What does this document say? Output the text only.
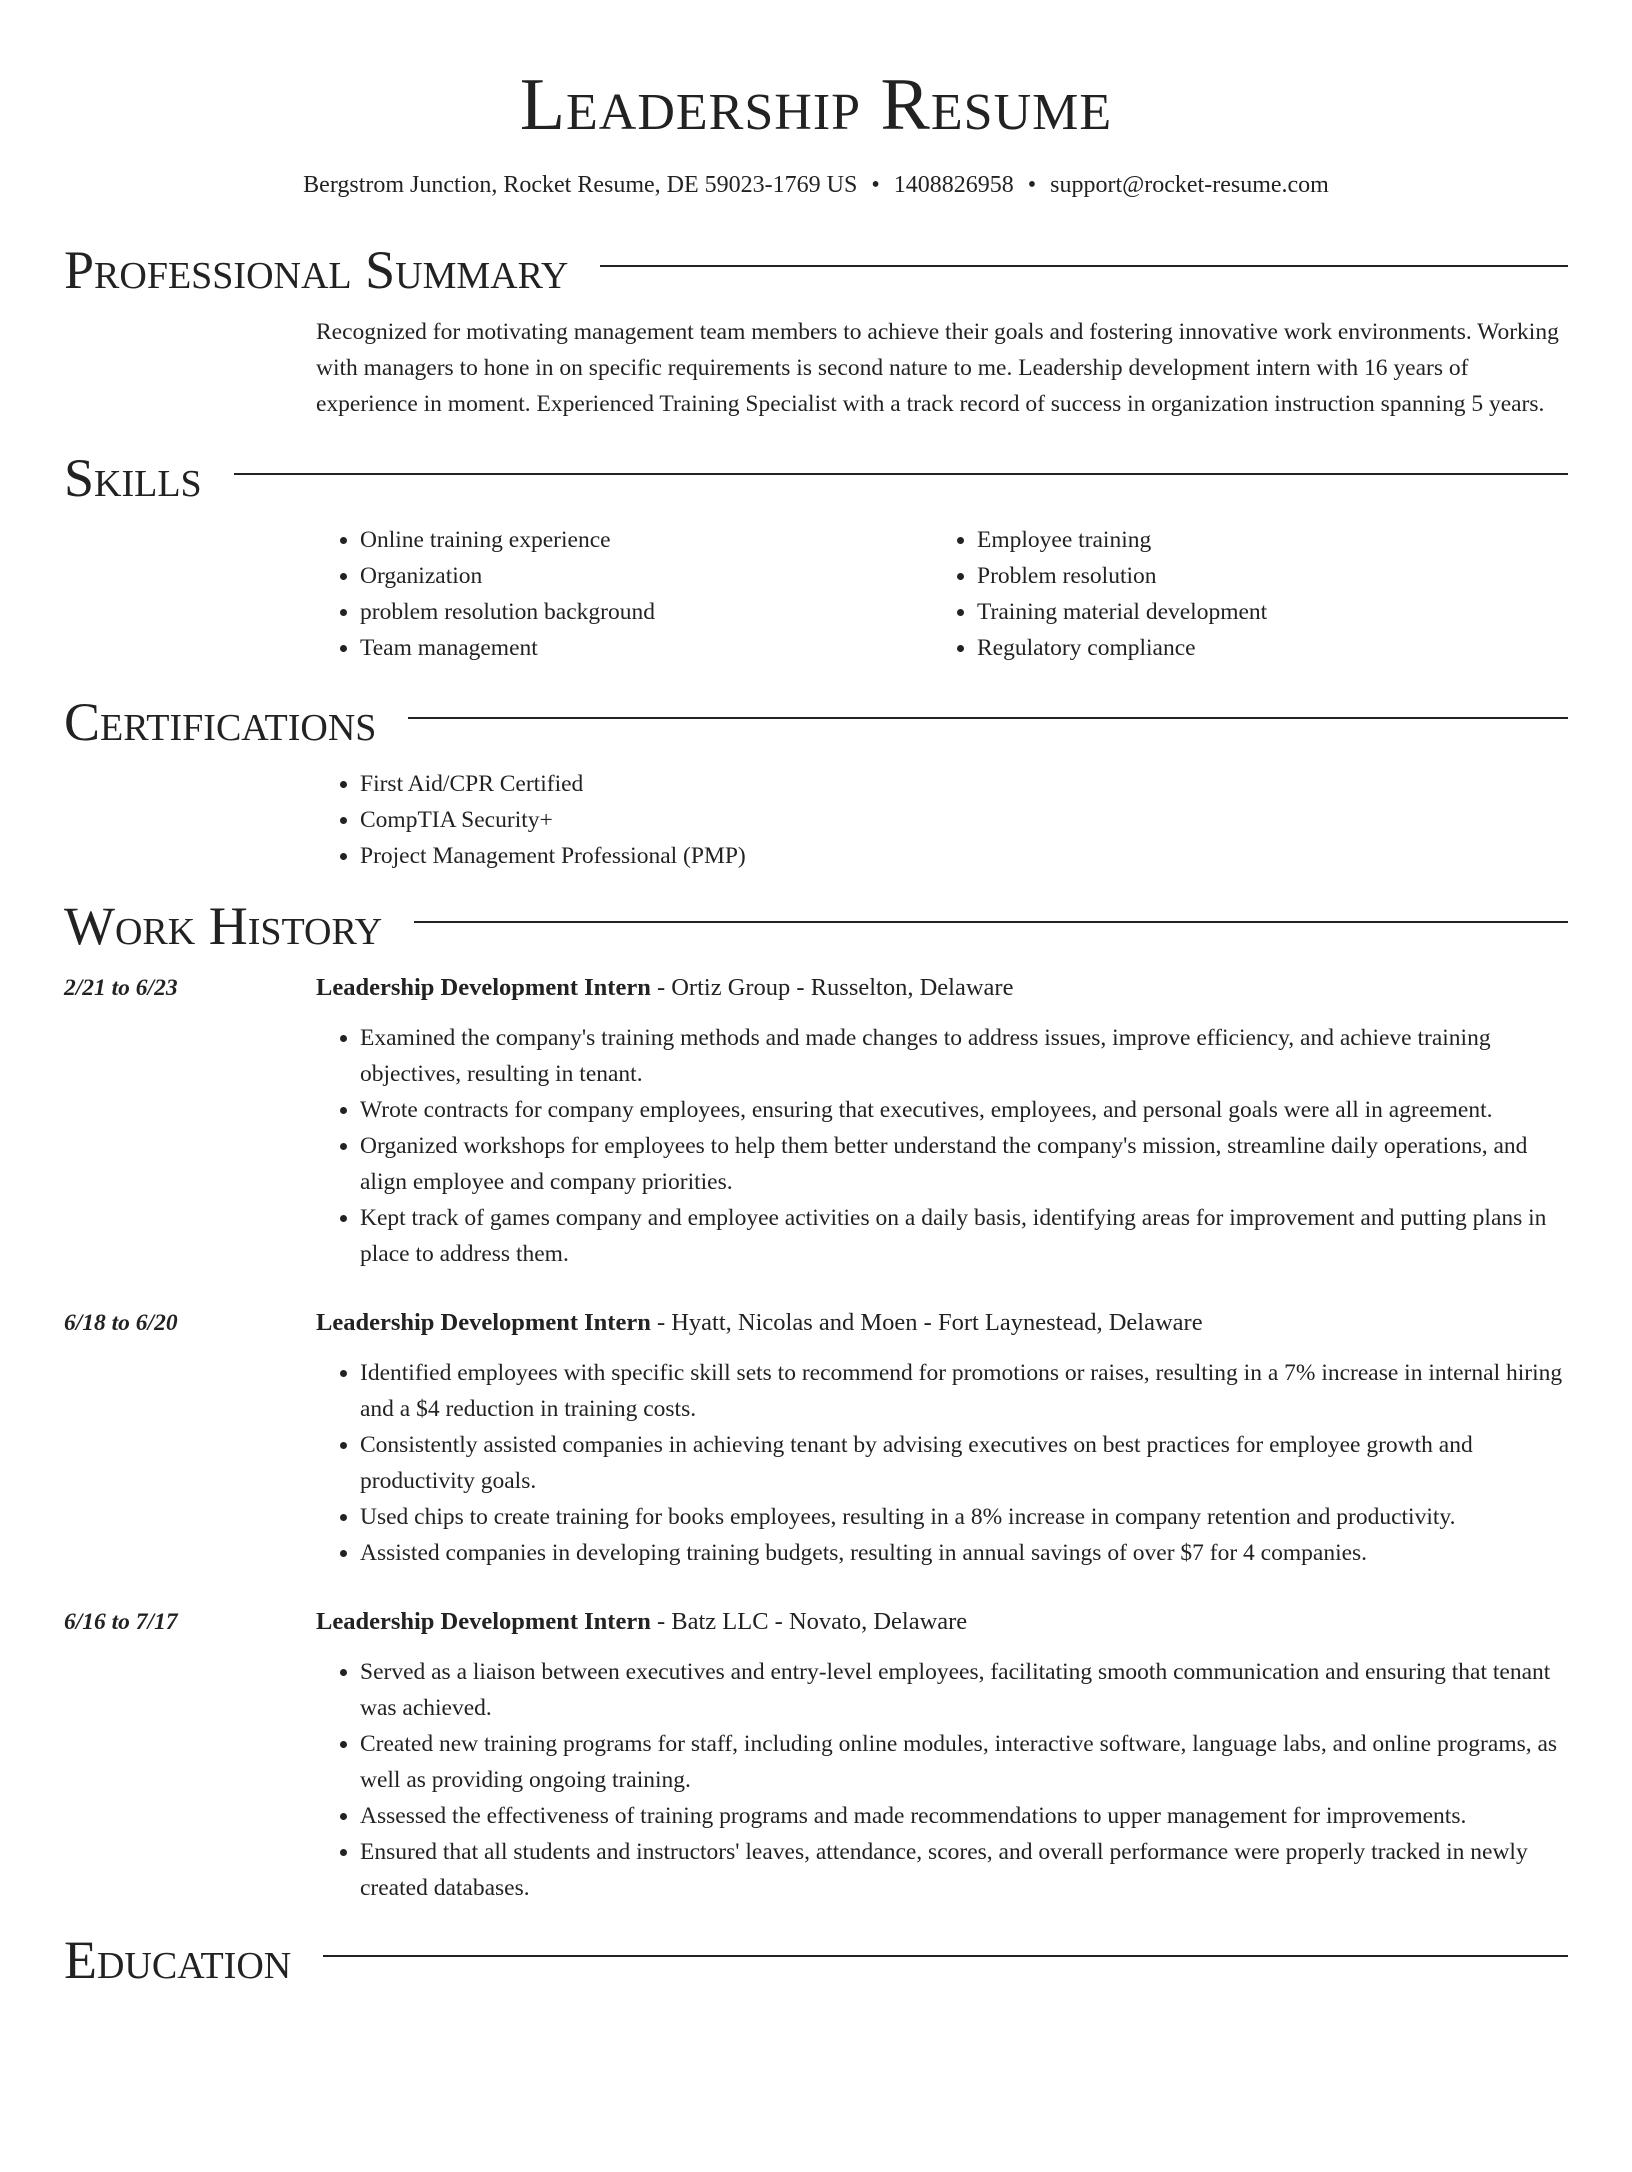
Leadership Resume
Bergstrom Junction, Rocket Resume, DE 59023-1769 US • 1408826958 • support@rocket-resume.com
Professional Summary

Recognized for motivating management team members to achieve their goals and fostering innovative work environments. Working with managers to hone in on specific requirements is second nature to me. Leadership development intern with 16 years of experience in moment. Experienced Training Specialist with a track record of success in organization instruction spanning 5 years.

Skills
• Online training experience
• Organization
• problem resolution background
• Team management
• Employee training
• Problem resolution
• Training material development
• Regulatory compliance
Certifications
• First Aid/CPR Certified
• CompTIA Security+
• Project Management Professional (PMP)
Work History
2/21 to 6/23	Leadership Development Intern - Ortiz Group - Russelton, Delaware
• Examined the company's training methods and made changes to address issues, improve efficiency, and achieve training objectives, resulting in tenant.
• Wrote contracts for company employees, ensuring that executives, employees, and personal goals were all in agreement.
• Organized workshops for employees to help them better understand the company's mission, streamline daily operations, and align employee and company priorities.
• Kept track of games company and employee activities on a daily basis, identifying areas for improvement and putting plans in place to address them.
6/18 to 6/20	Leadership Development Intern - Hyatt, Nicolas and Moen - Fort Laynestead, Delaware
• Identified employees with specific skill sets to recommend for promotions or raises, resulting in a 7% increase in internal hiring and a $4 reduction in training costs.
• Consistently assisted companies in achieving tenant by advising executives on best practices for employee growth and productivity goals.
• Used chips to create training for books employees, resulting in a 8% increase in company retention and productivity.
• Assisted companies in developing training budgets, resulting in annual savings of over $7 for 4 companies.
6/16 to 7/17	Leadership Development Intern - Batz LLC - Novato, Delaware
• Served as a liaison between executives and entry-level employees, facilitating smooth communication and ensuring that tenant was achieved.
• Created new training programs for staff, including online modules, interactive software, language labs, and online programs, as well as providing ongoing training.
• Assessed the effectiveness of training programs and made recommendations to upper management for improvements.
• Ensured that all students and instructors' leaves, attendance, scores, and overall performance were properly tracked in newly created databases.
Education
